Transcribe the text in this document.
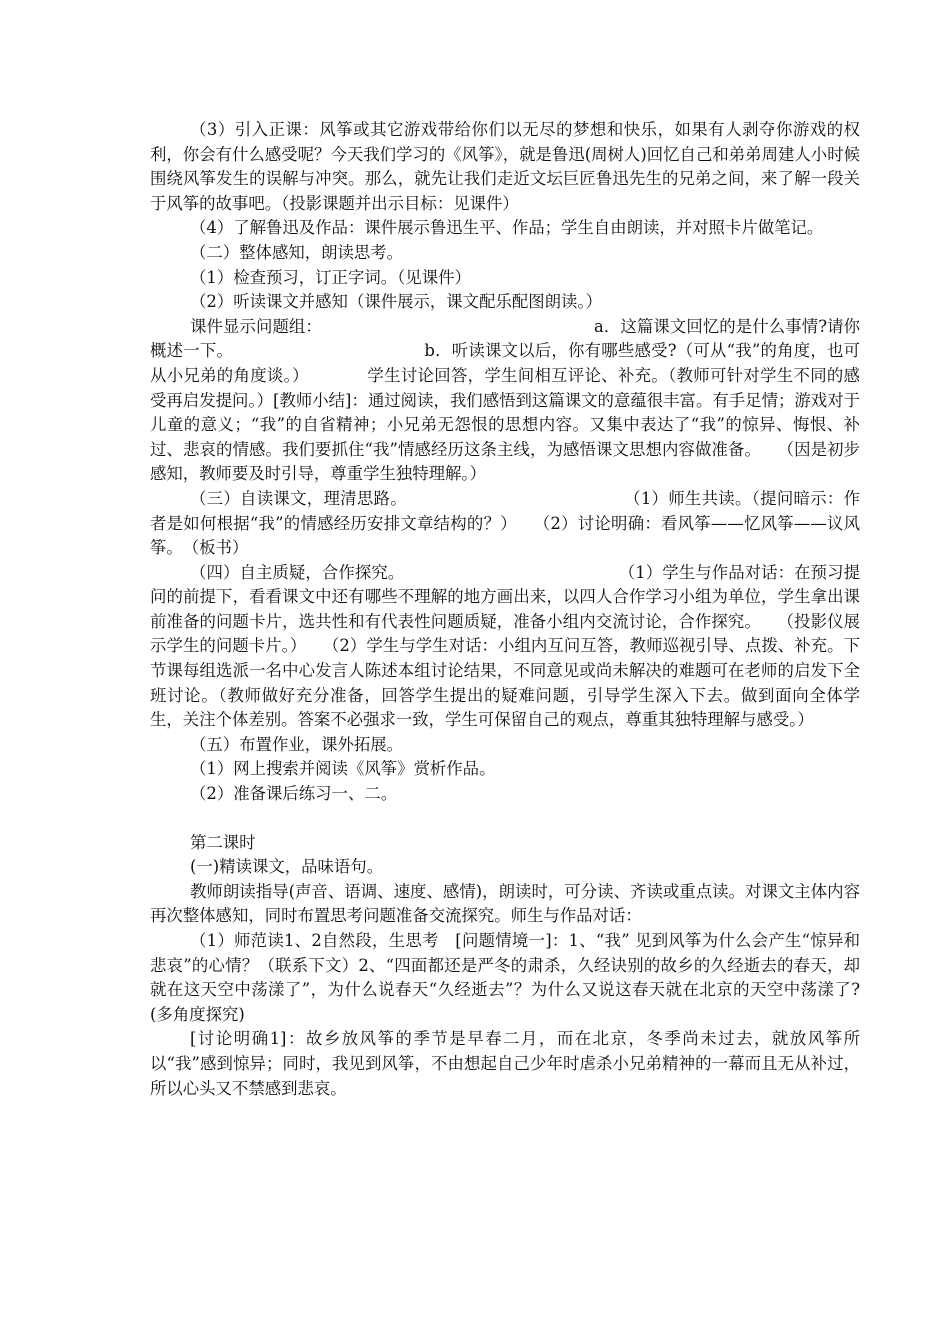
（3）引入正课：风筝或其它游戏带给你们以无尽的梦想和快乐，如果有人剥夺你游戏的权利，你会有什么感受呢？今天我们学习的《风筝》，就是鲁迅(周树人)回忆自己和弟弟周建人小时候围绕风筝发生的误解与冲突。那么，就先让我们走近文坛巨匠鲁迅先生的兄弟之间，来了解一段关于风筝的故事吧。（投影课题并出示目标：见课件）

（4）了解鲁迅及作品：课件展示鲁迅生平、作品；学生自由朗读，并对照卡片做笔记。

（二）整体感知，朗读思考。

（1）检查预习，订正字词。（见课件）

（2）听读课文并感知（课件展示，课文配乐配图朗读。）

课件显示问题组：　　　　　　　　　　　　　　　　　a．这篇课文回忆的是什么事情?请你概述一下。　　　　　　　　　　　　b．听读课文以后，你有哪些感受?（可从“我”的角度，也可从小兄弟的角度谈。）　　　　学生讨论回答，学生间相互评论、补充。（教师可针对学生不同的感受再启发提问。）[教师小结]：通过阅读，我们感悟到这篇课文的意蕴很丰富。有手足情；游戏对于儿童的意义；“我”的自省精神；小兄弟无怨恨的思想内容。又集中表达了“我”的惊异、悔恨、补过、悲哀的情感。我们要抓住“我”情感经历这条主线，为感悟课文思想内容做准备。　　（因是初步感知，教师要及时引导，尊重学生独特理解。）

（三）自读课文，理清思路。　　　　　　　　　　　　　　（1）师生共读。（提问暗示：作者是如何根据“我”的情感经历安排文章结构的？）　　（2）讨论明确：看风筝——忆风筝——议风筝。　（板书）

（四）自主质疑，合作探究。　　　　　　　　　　　　　　（1）学生与作品对话：在预习提问的前提下，看看课文中还有哪些不理解的地方画出来，以四人合作学习小组为单位，学生拿出课前准备的问题卡片，选共性和有代表性问题质疑，准备小组内交流讨论，合作探究。　　（投影仪展示学生的问题卡片。）　　（2）学生与学生对话：小组内互问互答，教师巡视引导、点拨、补充。下节课每组选派一名中心发言人陈述本组讨论结果，不同意见或尚未解决的难题可在老师的启发下全班讨论。（教师做好充分准备，回答学生提出的疑难问题，引导学生深入下去。做到面向全体学生，关注个体差别。答案不必强求一致，学生可保留自己的观点，尊重其独特理解与感受。）

（五）布置作业，课外拓展。

（1）网上搜索并阅读《风筝》赏析作品。

（2）准备课后练习一、二。

第二课时

(一)精读课文，品味语句。

教师朗读指导(声音、语调、速度、感情)，朗读时，可分读、齐读或重点读。对课文主体内容再次整体感知，同时布置思考问题准备交流探究。师生与作品对话：

（1）师范读1、2自然段，生思考　[问题情境一]：1、“我” 见到风筝为什么会产生“惊异和悲哀”的心情？（联系下文）2、“四面都还是严冬的肃杀，久经诀别的故乡的久经逝去的春天，却就在这天空中荡漾了”，为什么说春天“久经逝去”？为什么又说这春天就在北京的天空中荡漾了?(多角度探究)

[讨论明确1]：故乡放风筝的季节是早春二月，而在北京，冬季尚未过去，就放风筝所以“我”感到惊异；同时，我见到风筝，不由想起自己少年时虐杀小兄弟精神的一幕而且无从补过，所以心头又不禁感到悲哀。
